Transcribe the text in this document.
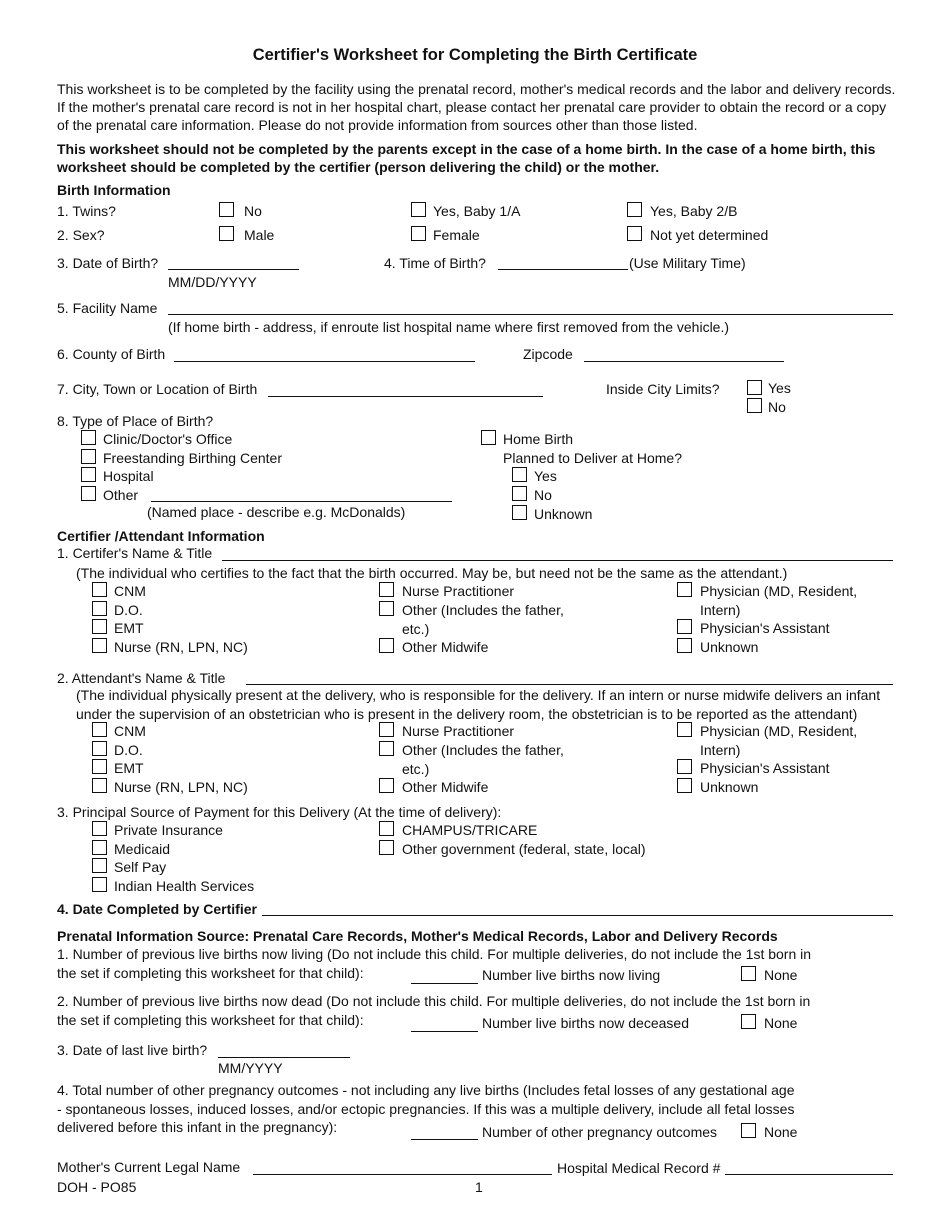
Certifier's Worksheet for Completing the Birth Certificate
This worksheet is to be completed by the facility using the prenatal record, mother's medical records and the labor and delivery records. If the mother's prenatal care record is not in her hospital chart, please contact her prenatal care provider to obtain the record or a copy of the prenatal care information. Please do not provide information from sources other than those listed.
This worksheet should not be completed by the parents except in the case of a home birth. In the case of a home birth, this worksheet should be completed by the certifier (person delivering the child) or the mother.
Birth Information
1. Twins?	No	Yes, Baby 1/A	Yes, Baby 2/B
2. Sex?	Male	Female	Not yet determined
3. Date of Birth?
MM/DD/YYYY
4. Time of Birth?	(Use Military Time)
5. Facility Name
(If home birth - address, if enroute list hospital name where first removed from the vehicle.)
6. County of Birth	Zipcode
7. City, Town or Location of Birth	Inside City Limits?	Yes
No
8. Type of Place of Birth?
Clinic/Doctor's Office
Freestanding Birthing Center
Hospital
Other
(Named place - describe e.g. McDonalds)
Home Birth
Planned to Deliver at Home?
Yes
No
Unknown
Certifier /Attendant Information
1. Certifer's Name & Title
(The individual who certifies to the fact that the birth occurred. May be, but need not be the same as the attendant.)
CNM
D.O.
EMT
Nurse (RN, LPN, NC)
Nurse Practitioner
Other (Includes the father, etc.)
Other Midwife
Physician (MD, Resident, Intern)
Physician's Assistant
Unknown
2. Attendant's Name & Title
(The individual physically present at the delivery, who is responsible for the delivery. If an intern or nurse midwife delivers an infant under the supervision of an obstetrician who is present in the delivery room, the obstetrician is to be reported as the attendant)
CNM
D.O.
EMT
Nurse (RN, LPN, NC)
Nurse Practitioner
Other (Includes the father, etc.)
Other Midwife
Physician (MD, Resident, Intern)
Physician's Assistant
Unknown
3. Principal Source of Payment for this Delivery (At the time of delivery):
Private Insurance
Medicaid
Self Pay
Indian Health Services
CHAMPUS/TRICARE
Other government (federal, state, local)
4. Date Completed by Certifier
Prenatal Information Source: Prenatal Care Records, Mother's Medical Records, Labor and Delivery Records
1. Number of previous live births now living (Do not include this child. For multiple deliveries, do not include the 1st born in the set if completing this worksheet for that child):	Number live births now living	None
2. Number of previous live births now dead (Do not include this child. For multiple deliveries, do not include the 1st born in the set if completing this worksheet for that child):	Number live births now deceased	None
3. Date of last live birth?
MM/YYYY
4. Total number of other pregnancy outcomes - not including any live births (Includes fetal losses of any gestational age - spontaneous losses, induced losses, and/or ectopic pregnancies. If this was a multiple delivery, include all fetal losses delivered before this infant in the pregnancy):	Number of other pregnancy outcomes	None
Mother's Current Legal Name	Hospital Medical Record #
DOH - PO85	1
